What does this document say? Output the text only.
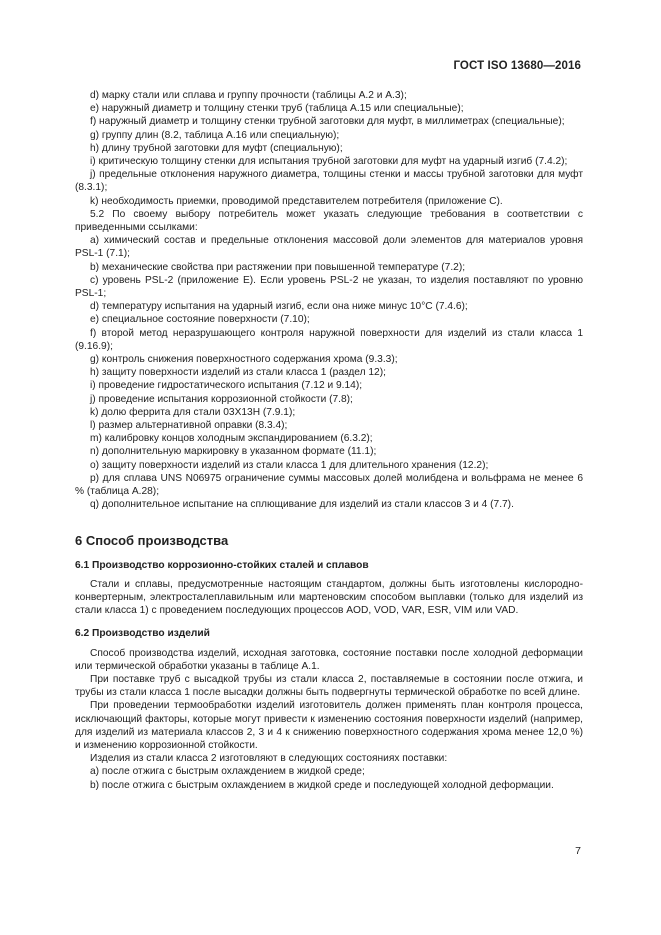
ГОСТ ISO 13680—2016

d) марку стали или сплава и группу прочности (таблицы А.2 и А.3);

e) наружный диаметр и толщину стенки труб (таблица А.15 или специальные);

f) наружный диаметр и толщину стенки трубной заготовки для муфт, в миллиметрах (специальные);

g) группу длин (8.2, таблица А.16 или специальную);

h) длину трубной заготовки для муфт (специальную);

i) критическую толщину стенки для испытания трубной заготовки для муфт на ударный изгиб (7.4.2);

j) предельные отклонения наружного диаметра, толщины стенки и массы трубной заготовки для муфт (8.3.1);

k) необходимость приемки, проводимой представителем потребителя (приложение С).

5.2 По своему выбору потребитель может указать следующие требования в соответствии с приведенными ссылками:

a) химический состав и предельные отклонения массовой доли элементов для материалов уровня PSL-1 (7.1);

b) механические свойства при растяжении при повышенной температуре (7.2);

c) уровень PSL-2 (приложение Е). Если уровень PSL-2 не указан, то изделия поставляют по уровню PSL-1;

d) температуру испытания на ударный изгиб, если она ниже минус 10°С (7.4.6);

e) специальное состояние поверхности (7.10);

f) второй метод неразрушающего контроля наружной поверхности для изделий из стали класса 1 (9.16.9);

g) контроль снижения поверхностного содержания хрома (9.3.3);

h) защиту поверхности изделий из стали класса 1 (раздел 12);

i) проведение гидростатического испытания (7.12 и 9.14);

j) проведение испытания коррозионной стойкости (7.8);

k) долю феррита для стали 03Х13Н (7.9.1);

l) размер альтернативной оправки (8.3.4);

m) калибровку концов холодным экспандированием (6.3.2);

n) дополнительную маркировку в указанном формате (11.1);

o) защиту поверхности изделий из стали класса 1 для длительного хранения (12.2);

p) для сплава UNS N06975 ограничение суммы массовых долей молибдена и вольфрама не менее 6 % (таблица А.28);

q) дополнительное испытание на сплющивание для изделий из стали классов 3 и 4 (7.7).

6 Способ производства

6.1 Производство коррозионно-стойких сталей и сплавов

Стали и сплавы, предусмотренные настоящим стандартом, должны быть изготовлены кислородно-конвертерным, электросталеплавильным или мартеновским способом выплавки (только для изделий из стали класса 1) с проведением последующих процессов AOD, VOD, VAR, ESR, VIM или VAD.

6.2 Производство изделий

Способ производства изделий, исходная заготовка, состояние поставки после холодной деформации или термической обработки указаны в таблице А.1.

При поставке труб с высадкой трубы из стали класса 2, поставляемые в состоянии после отжига, и трубы из стали класса 1 после высадки должны быть подвергнуты термической обработке по всей длине.

При проведении термообработки изделий изготовитель должен применять план контроля процесса, исключающий факторы, которые могут привести к изменению состояния поверхности изделий (например, для изделий из материала классов 2, 3 и 4 к снижению поверхностного содержания хрома менее 12,0 %) и изменению коррозионной стойкости.

Изделия из стали класса 2 изготовляют в следующих состояниях поставки:

a) после отжига с быстрым охлаждением в жидкой среде;

b) после отжига с быстрым охлаждением в жидкой среде и последующей холодной деформации.

7
